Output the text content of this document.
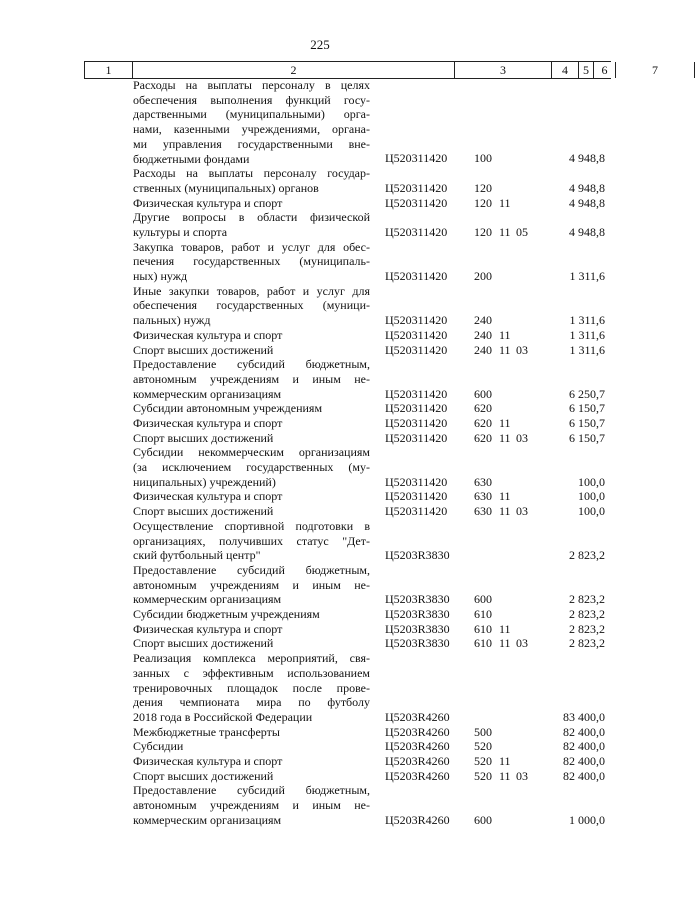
225
1	2	3	4	5	6	7
Расходы на выплаты персоналу в целях
обеспечения выполнения функций госу-
дарственными (муниципальными) орга-
нами, казенными учреждениями, органа-
ми управления государственными вне-
бюджетными фондами	Ц520311420 100	4 948,8
Расходы на выплаты персоналу государ-
ственных (муниципальных) органов	Ц520311420 120	4 948,8
Физическая культура и спорт	Ц520311420 120 11	4 948,8
Другие вопросы в области физической
культуры и спорта	Ц520311420 120 11 05	4 948,8
Закупка товаров, работ и услуг для обес-
печения государственных (муниципаль-
ных) нужд	Ц520311420 200	1 311,6
Иные закупки товаров, работ и услуг для
обеспечения государственных (муници-
пальных) нужд	Ц520311420 240	1 311,6
Физическая культура и спорт	Ц520311420 240 11	1 311,6
Спорт высших достижений	Ц520311420 240 11 03	1 311,6
Предоставление субсидий бюджетным,
автономным учреждениям и иным не-
коммерческим организациям	Ц520311420 600	6 250,7
Субсидии автономным учреждениям	Ц520311420 620	6 150,7
Физическая культура и спорт	Ц520311420 620 11	6 150,7
Спорт высших достижений	Ц520311420 620 11 03	6 150,7
Субсидии некоммерческим организациям
(за исключением государственных (му-
ниципальных) учреждений)	Ц520311420 630	100,0
Физическая культура и спорт	Ц520311420 630 11	100,0
Спорт высших достижений	Ц520311420 630 11 03	100,0
Осуществление спортивной подготовки в
организациях, получивших статус "Дет-
ский футбольный центр"	Ц5203R3830	2 823,2
Предоставление субсидий бюджетным,
автономным учреждениям и иным не-
коммерческим организациям	Ц5203R3830 600	2 823,2
Субсидии бюджетным учреждениям	Ц5203R3830 610	2 823,2
Физическая культура и спорт	Ц5203R3830 610 11	2 823,2
Спорт высших достижений	Ц5203R3830 610 11 03	2 823,2
Реализация комплекса мероприятий, свя-
занных с эффективным использованием
тренировочных площадок после прове-
дения чемпионата мира по футболу
2018 года в Российской Федерации	Ц5203R4260	83 400,0
Межбюджетные трансферты	Ц5203R4260 500	82 400,0
Субсидии	Ц5203R4260 520	82 400,0
Физическая культура и спорт	Ц5203R4260 520 11	82 400,0
Спорт высших достижений	Ц5203R4260 520 11 03	82 400,0
Предоставление субсидий бюджетным,
автономным учреждениям и иным не-
коммерческим организациям	Ц5203R4260 600	1 000,0
